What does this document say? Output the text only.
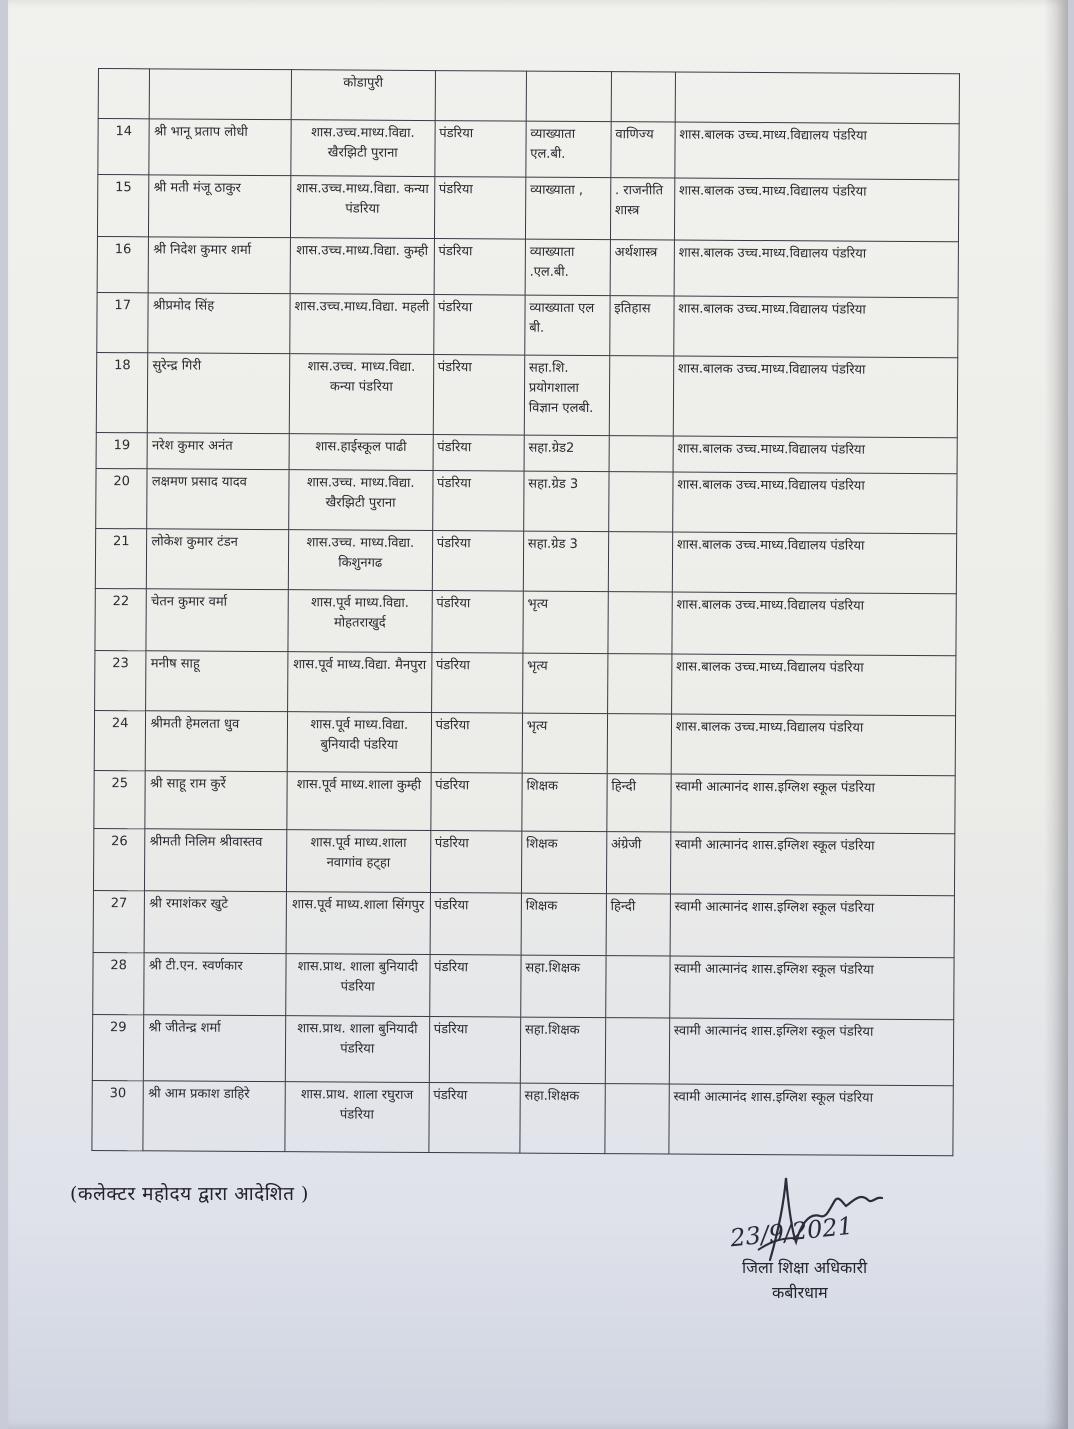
		कोडापुरी				
14	श्री भानू प्रताप लोधी	शास.उच्च.माध्य.विद्या. खैरझिटी पुराना	पंडरिया	व्याख्याता एल.बी.	वाणिज्य	शास.बालक उच्च.माध्य.विद्यालय पंडरिया
15	श्री मती मंजू ठाकुर	शास.उच्च.माध्य.विद्या. कन्या पंडरिया	पंडरिया	व्याख्याता ,	. राजनीति शास्त्र	शास.बालक उच्च.माध्य.विद्यालय पंडरिया
16	श्री निदेश कुमार शर्मा	शास.उच्च.माध्य.विद्या. कुम्ही	पंडरिया	व्याख्याता .एल.बी.	अर्थशास्त्र	शास.बालक उच्च.माध्य.विद्यालय पंडरिया
17	श्रीप्रमोद सिंह	शास.उच्च.माध्य.विद्या. महली	पंडरिया	व्याख्याता एल बी.	इतिहास	शास.बालक उच्च.माध्य.विद्यालय पंडरिया
18	सुरेन्द्र गिरी	शास.उच्च. माध्य.विद्या. कन्या पंडरिया	पंडरिया	सहा.शि. प्रयोगशाला विज्ञान एलबी.		शास.बालक उच्च.माध्य.विद्यालय पंडरिया
19	नरेश कुमार अनंत	शास.हाईस्कूल पाढी	पंडरिया	सहा.ग्रेड2		शास.बालक उच्च.माध्य.विद्यालय पंडरिया
20	लक्षमण प्रसाद यादव	शास.उच्च. माध्य.विद्या. खैरझिटी पुराना	पंडरिया	सहा.ग्रेड 3		शास.बालक उच्च.माध्य.विद्यालय पंडरिया
21	लोकेश कुमार टंडन	शास.उच्च. माध्य.विद्या. किशुनगढ	पंडरिया	सहा.ग्रेड 3		शास.बालक उच्च.माध्य.विद्यालय पंडरिया
22	चेतन कुमार वर्मा	शास.पूर्व माध्य.विद्या. मोहतराखुर्द	पंडरिया	भृत्य		शास.बालक उच्च.माध्य.विद्यालय पंडरिया
23	मनीष साहू	शास.पूर्व माध्य.विद्या. मैनपुरा	पंडरिया	भृत्य		शास.बालक उच्च.माध्य.विद्यालय पंडरिया
24	श्रीमती हेमलता धुव	शास.पूर्व माध्य.विद्या. बुनियादी पंडरिया	पंडरिया	भृत्य		शास.बालक उच्च.माध्य.विद्यालय पंडरिया
25	श्री साहू राम कुर्रे	शास.पूर्व माध्य.शाला कुम्ही	पंडरिया	शिक्षक	हिन्दी	स्वामी आत्मानंद शास.इग्लिश स्कूल पंडरिया
26	श्रीमती निलिम श्रीवास्तव	शास.पूर्व माध्य.शाला नवागांव हट्हा	पंडरिया	शिक्षक	अंग्रेजी	स्वामी आत्मानंद शास.इग्लिश स्कूल पंडरिया
27	श्री रमाशंकर खुटे	शास.पूर्व माध्य.शाला सिंगपुर	पंडरिया	शिक्षक	हिन्दी	स्वामी आत्मानंद शास.इग्लिश स्कूल पंडरिया
28	श्री टी.एन. स्वर्णकार	शास.प्राथ. शाला बुनियादी पंडरिया	पंडरिया	सहा.शिक्षक		स्वामी आत्मानंद शास.इग्लिश स्कूल पंडरिया
29	श्री जीतेन्द्र शर्मा	शास.प्राथ. शाला बुनियादी पंडरिया	पंडरिया	सहा.शिक्षक		स्वामी आत्मानंद शास.इग्लिश स्कूल पंडरिया
30	श्री आम प्रकाश डाहिरे	शास.प्राथ. शाला रघुराज पंडरिया	पंडरिया	सहा.शिक्षक		स्वामी आत्मानंद शास.इग्लिश स्कूल पंडरिया
(कलेक्टर महोदय द्वारा आदेशित )
23/9/2021
जिला शिक्षा अधिकारी
कबीरधाम
